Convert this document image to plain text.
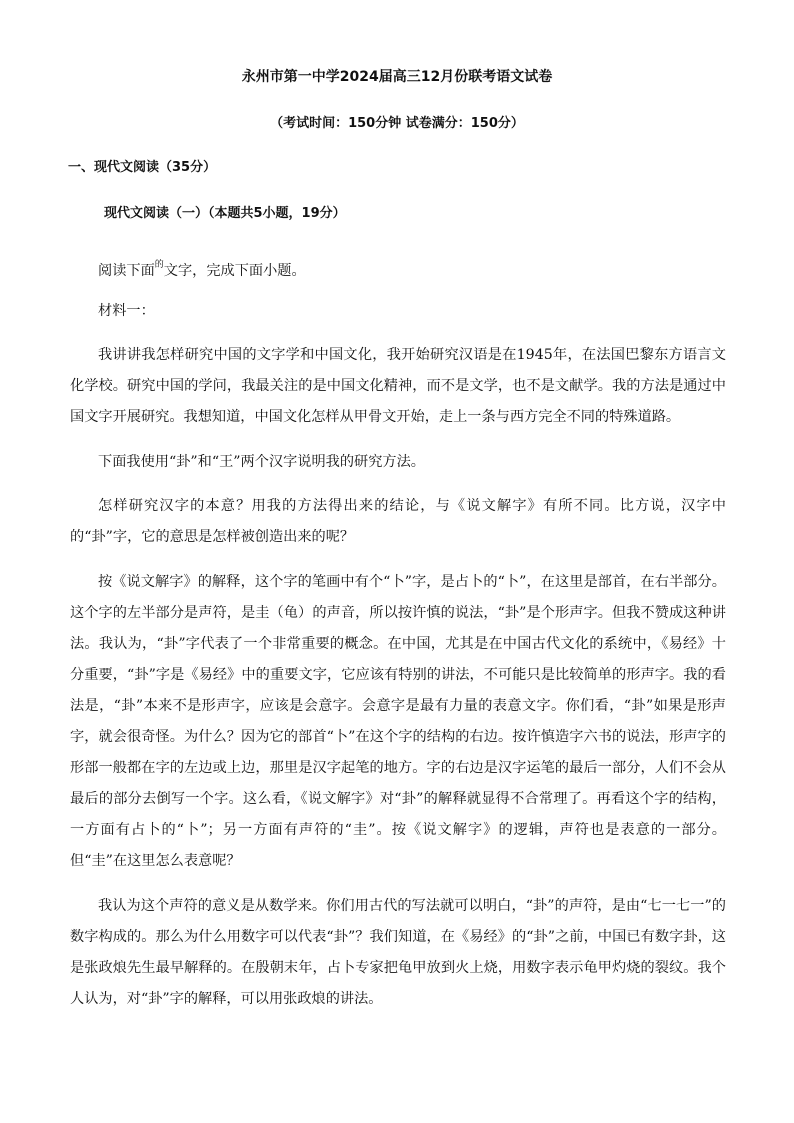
永州市第一中学2024届高三12月份联考语文试卷
（考试时间：150分钟 试卷满分：150分）
一、现代文阅读（35分）
现代文阅读（一）（本题共5小题，19分）

阅读下面$^的$文字，完成下面小题。

材料一：

我讲讲我怎样研究中国的文字学和中国文化，我开始研究汉语是在1945年，在法国巴黎东方语言文化学校。研究中国的学问，我最关注的是中国文化精神，而不是文学，也不是文献学。我的方法是通过中国文字开展研究。我想知道，中国文化怎样从甲骨文开始，走上一条与西方完全不同的特殊道路。

下面我使用“卦”和“王”两个汉字说明我的研究方法。

怎样研究汉字的本意？用我的方法得出来的结论，与《说文解字》有所不同。比方说，汉字中的“卦”字，它的意思是怎样被创造出来的呢？

按《说文解字》的解释，这个字的笔画中有个“卜”字，是占卜的“卜”，在这里是部首，在右半部分。这个字的左半部分是声符，是圭（龟）的声音，所以按许慎的说法，“卦”是个形声字。但我不赞成这种讲法。我认为，“卦”字代表了一个非常重要的概念。在中国，尤其是在中国古代文化的系统中，《易经》十分重要，“卦”字是《易经》中的重要文字，它应该有特别的讲法，不可能只是比较简单的形声字。我的看法是，“卦”本来不是形声字，应该是会意字。会意字是最有力量的表意文字。你们看，“卦”如果是形声字，就会很奇怪。为什么？因为它的部首“卜”在这个字的结构的右边。按许慎造字六书的说法，形声字的形部一般都在字的左边或上边，那里是汉字起笔的地方。字的右边是汉字运笔的最后一部分，人们不会从最后的部分去倒写一个字。这么看，《说文解字》对“卦”的解释就显得不合常理了。再看这个字的结构，一方面有占卜的“卜”；另一方面有声符的“圭”。按《说文解字》的逻辑，声符也是表意的一部分。但“圭”在这里怎么表意呢？

我认为这个声符的意义是从数学来。你们用古代的写法就可以明白，“卦”的声符，是由“七一七一”的数字构成的。那么为什么用数字可以代表“卦”？我们知道，在《易经》的“卦”之前，中国已有数字卦，这是张政烺先生最早解释的。在殷朝末年，占卜专家把龟甲放到火上烧，用数字表示龟甲灼烧的裂纹。我个人认为，对“卦”字的解释，可以用张政烺的讲法。
